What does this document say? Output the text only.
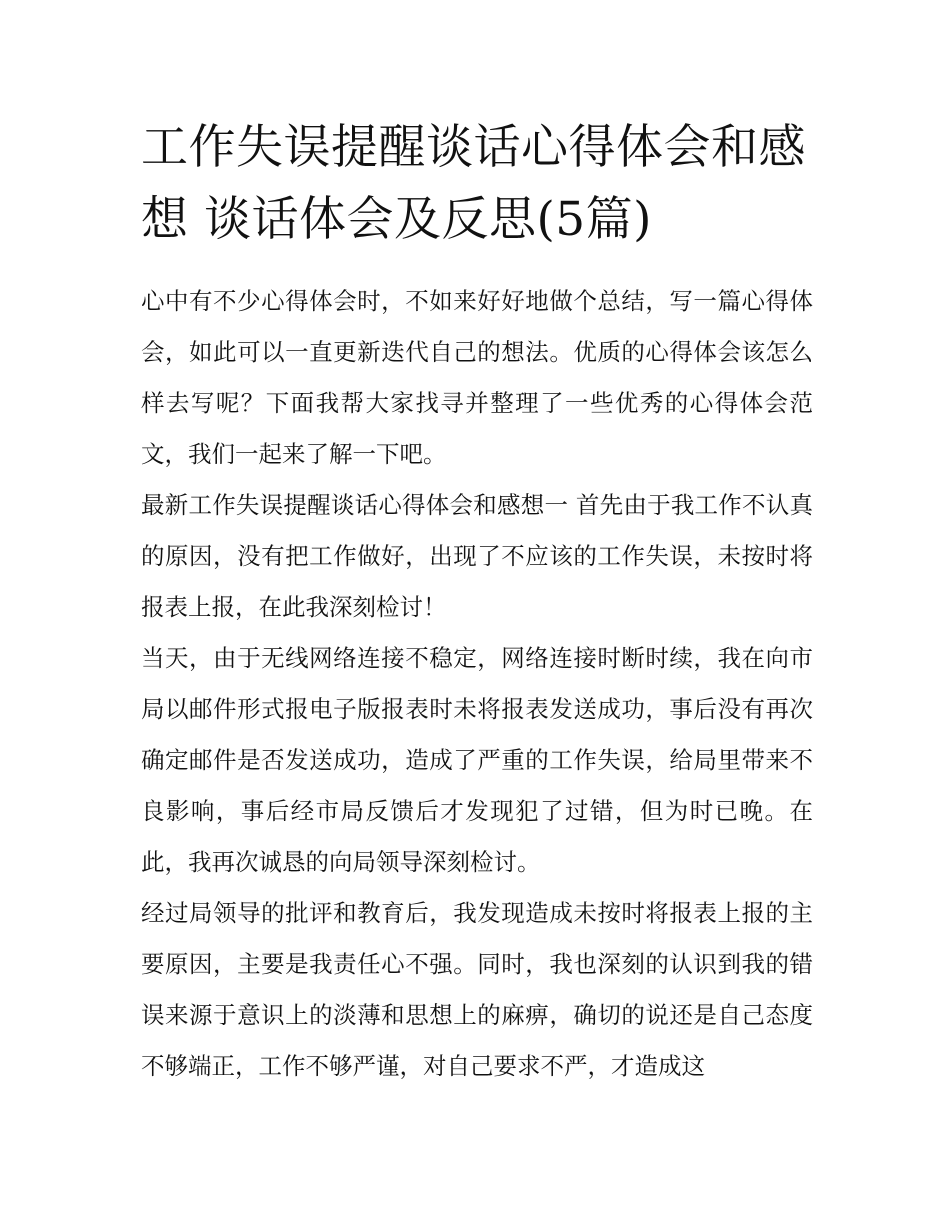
工作失误提醒谈话心得体会和感想 谈话体会及反思(5篇)

心中有不少心得体会时，不如来好好地做个总结，写一篇心得体会，如此可以一直更新迭代自己的想法。优质的心得体会该怎么样去写呢？下面我帮大家找寻并整理了一些优秀的心得体会范文，我们一起来了解一下吧。

最新工作失误提醒谈话心得体会和感想一 首先由于我工作不认真的原因，没有把工作做好，出现了不应该的工作失误，未按时将报表上报，在此我深刻检讨！

当天，由于无线网络连接不稳定，网络连接时断时续，我在向市局以邮件形式报电子版报表时未将报表发送成功，事后没有再次确定邮件是否发送成功，造成了严重的工作失误，给局里带来不良影响，事后经市局反馈后才发现犯了过错，但为时已晚。在此，我再次诚恳的向局领导深刻检讨。

经过局领导的批评和教育后，我发现造成未按时将报表上报的主要原因，主要是我责任心不强。同时，我也深刻的认识到我的错误来源于意识上的淡薄和思想上的麻痹，确切的说还是自己态度不够端正，工作不够严谨，对自己要求不严，才造成这
